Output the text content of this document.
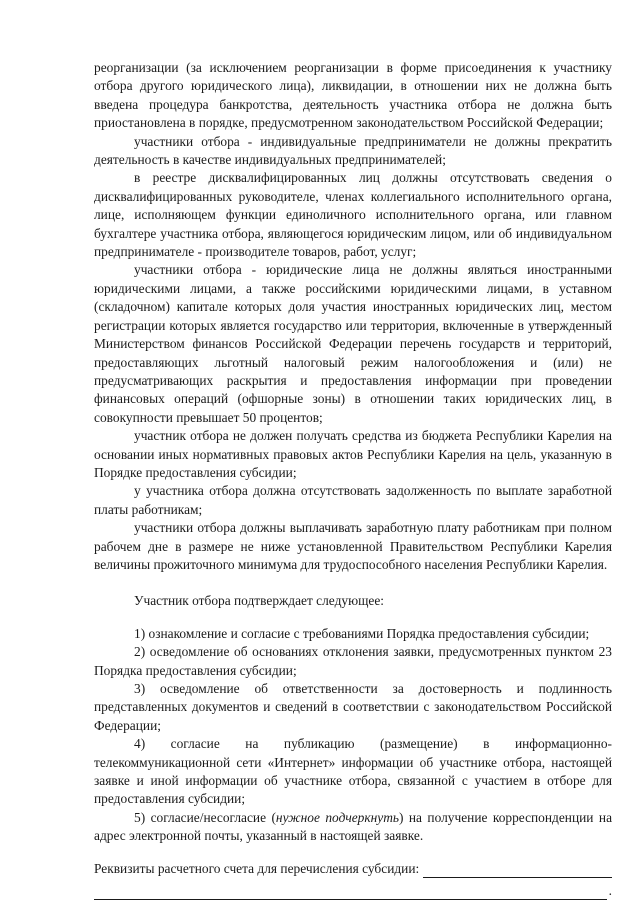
реорганизации (за исключением реорганизации в форме присоединения к участнику отбора другого юридического лица), ликвидации, в отношении них не должна быть введена процедура банкротства, деятельность участника отбора не должна быть приостановлена в порядке, предусмотренном законодательством Российской Федерации;

участники отбора - индивидуальные предприниматели не должны прекратить деятельность в качестве индивидуальных предпринимателей;

в реестре дисквалифицированных лиц должны отсутствовать сведения о дисквалифицированных руководителе, членах коллегиального исполнительного органа, лице, исполняющем функции единоличного исполнительного органа, или главном бухгалтере участника отбора, являющегося юридическим лицом, или об индивидуальном предпринимателе - производителе товаров, работ, услуг;

участники отбора - юридические лица не должны являться иностранными юридическими лицами, а также российскими юридическими лицами, в уставном (складочном) капитале которых доля участия иностранных юридических лиц, местом регистрации которых является государство или территория, включенные в утвержденный Министерством финансов Российской Федерации перечень государств и территорий, предоставляющих льготный налоговый режим налогообложения и (или) не предусматривающих раскрытия и предоставления информации при проведении финансовых операций (офшорные зоны) в отношении таких юридических лиц, в совокупности превышает 50 процентов;

участник отбора не должен получать средства из бюджета Республики Карелия на основании иных нормативных правовых актов Республики Карелия на цель, указанную в Порядке предоставления субсидии;

у участника отбора должна отсутствовать задолженность по выплате заработной платы работникам;

участники отбора должны выплачивать заработную плату работникам при полном рабочем дне в размере не ниже установленной Правительством Республики Карелия величины прожиточного минимума для трудоспособного населения Республики Карелия.

Участник отбора подтверждает следующее:

1) ознакомление и согласие с требованиями Порядка предоставления субсидии;

2) осведомление об основаниях отклонения заявки, предусмотренных пунктом 23 Порядка предоставления субсидии;

3) осведомление об ответственности за достоверность и подлинность представленных документов и сведений в соответствии с законодательством Российской Федерации;

4) согласие на публикацию (размещение) в информационно-телекоммуникационной сети «Интернет» информации об участнике отбора, настоящей заявке и иной информации об участнике отбора, связанной с участием в отборе для предоставления субсидии;

5) согласие/несогласие (нужное подчеркнуть) на получение корреспонденции на адрес электронной почты, указанный в настоящей заявке.

Реквизиты расчетного счета для перечисления субсидии:
.
